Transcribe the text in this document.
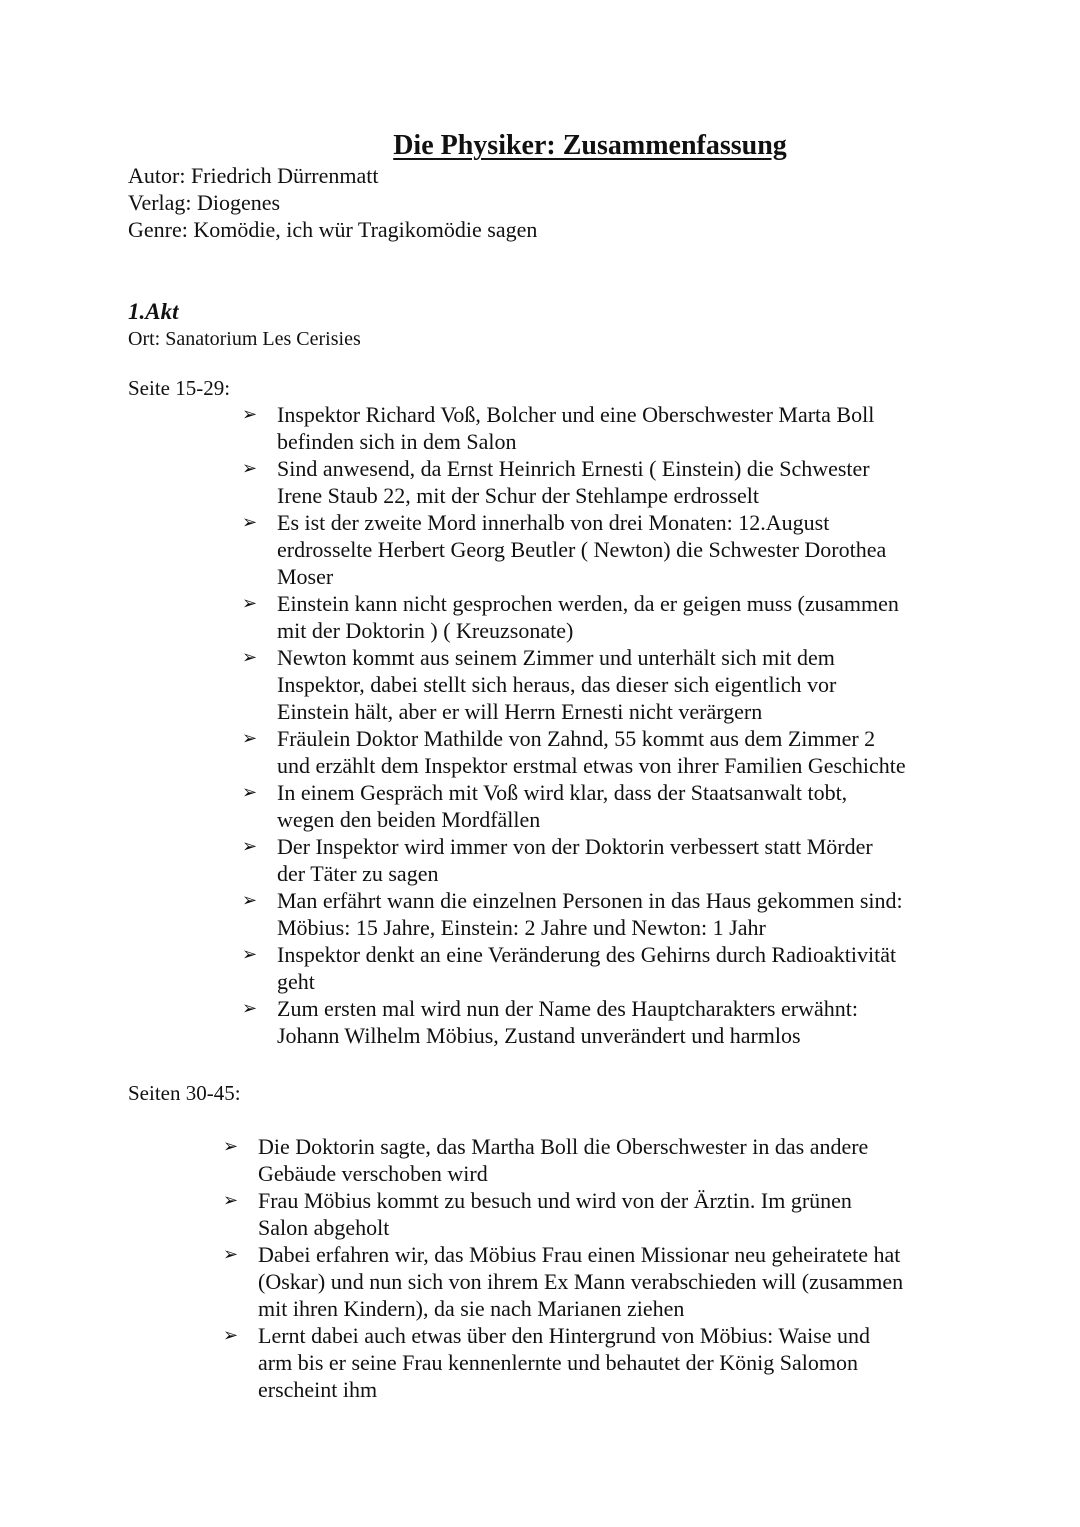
Die Physiker: Zusammenfassung
Autor: Friedrich Dürrenmatt
Verlag: Diogenes
Genre: Komödie, ich wür Tragikomödie sagen
1.Akt
Ort: Sanatorium Les Cerisies
Seite 15-29:
➢ Inspektor Richard Voß, Bolcher und eine Oberschwester Marta Boll
befinden sich in dem Salon
➢ Sind anwesend, da Ernst Heinrich Ernesti ( Einstein) die Schwester
Irene Staub 22, mit der Schur der Stehlampe erdrosselt
➢ Es ist der zweite Mord innerhalb von drei Monaten: 12.August
erdrosselte Herbert Georg Beutler ( Newton) die Schwester Dorothea
Moser
➢ Einstein kann nicht gesprochen werden, da er geigen muss (zusammen
mit der Doktorin ) ( Kreuzsonate)
➢ Newton kommt aus seinem Zimmer und unterhält sich mit dem
Inspektor, dabei stellt sich heraus, das dieser sich eigentlich vor
Einstein hält, aber er will Herrn Ernesti nicht verärgern
➢ Fräulein Doktor Mathilde von Zahnd, 55 kommt aus dem Zimmer 2
und erzählt dem Inspektor erstmal etwas von ihrer Familien Geschichte
➢ In einem Gespräch mit Voß wird klar, dass der Staatsanwalt tobt,
wegen den beiden Mordfällen
➢ Der Inspektor wird immer von der Doktorin verbessert statt Mörder
der Täter zu sagen
➢ Man erfährt wann die einzelnen Personen in das Haus gekommen sind:
Möbius: 15 Jahre, Einstein: 2 Jahre und Newton: 1 Jahr
➢ Inspektor denkt an eine Veränderung des Gehirns durch Radioaktivität
geht
➢ Zum ersten mal wird nun der Name des Hauptcharakters erwähnt:
Johann Wilhelm Möbius, Zustand unverändert und harmlos
Seiten 30-45:
➢ Die Doktorin sagte, das Martha Boll die Oberschwester in das andere
Gebäude verschoben wird
➢ Frau Möbius kommt zu besuch und wird von der Ärztin. Im grünen
Salon abgeholt
➢ Dabei erfahren wir, das Möbius Frau einen Missionar neu geheiratete hat
(Oskar) und nun sich von ihrem Ex Mann verabschieden will (zusammen
mit ihren Kindern), da sie nach Marianen ziehen
➢ Lernt dabei auch etwas über den Hintergrund von Möbius: Waise und
arm bis er seine Frau kennenlernte und behautet der König Salomon
erscheint ihm
